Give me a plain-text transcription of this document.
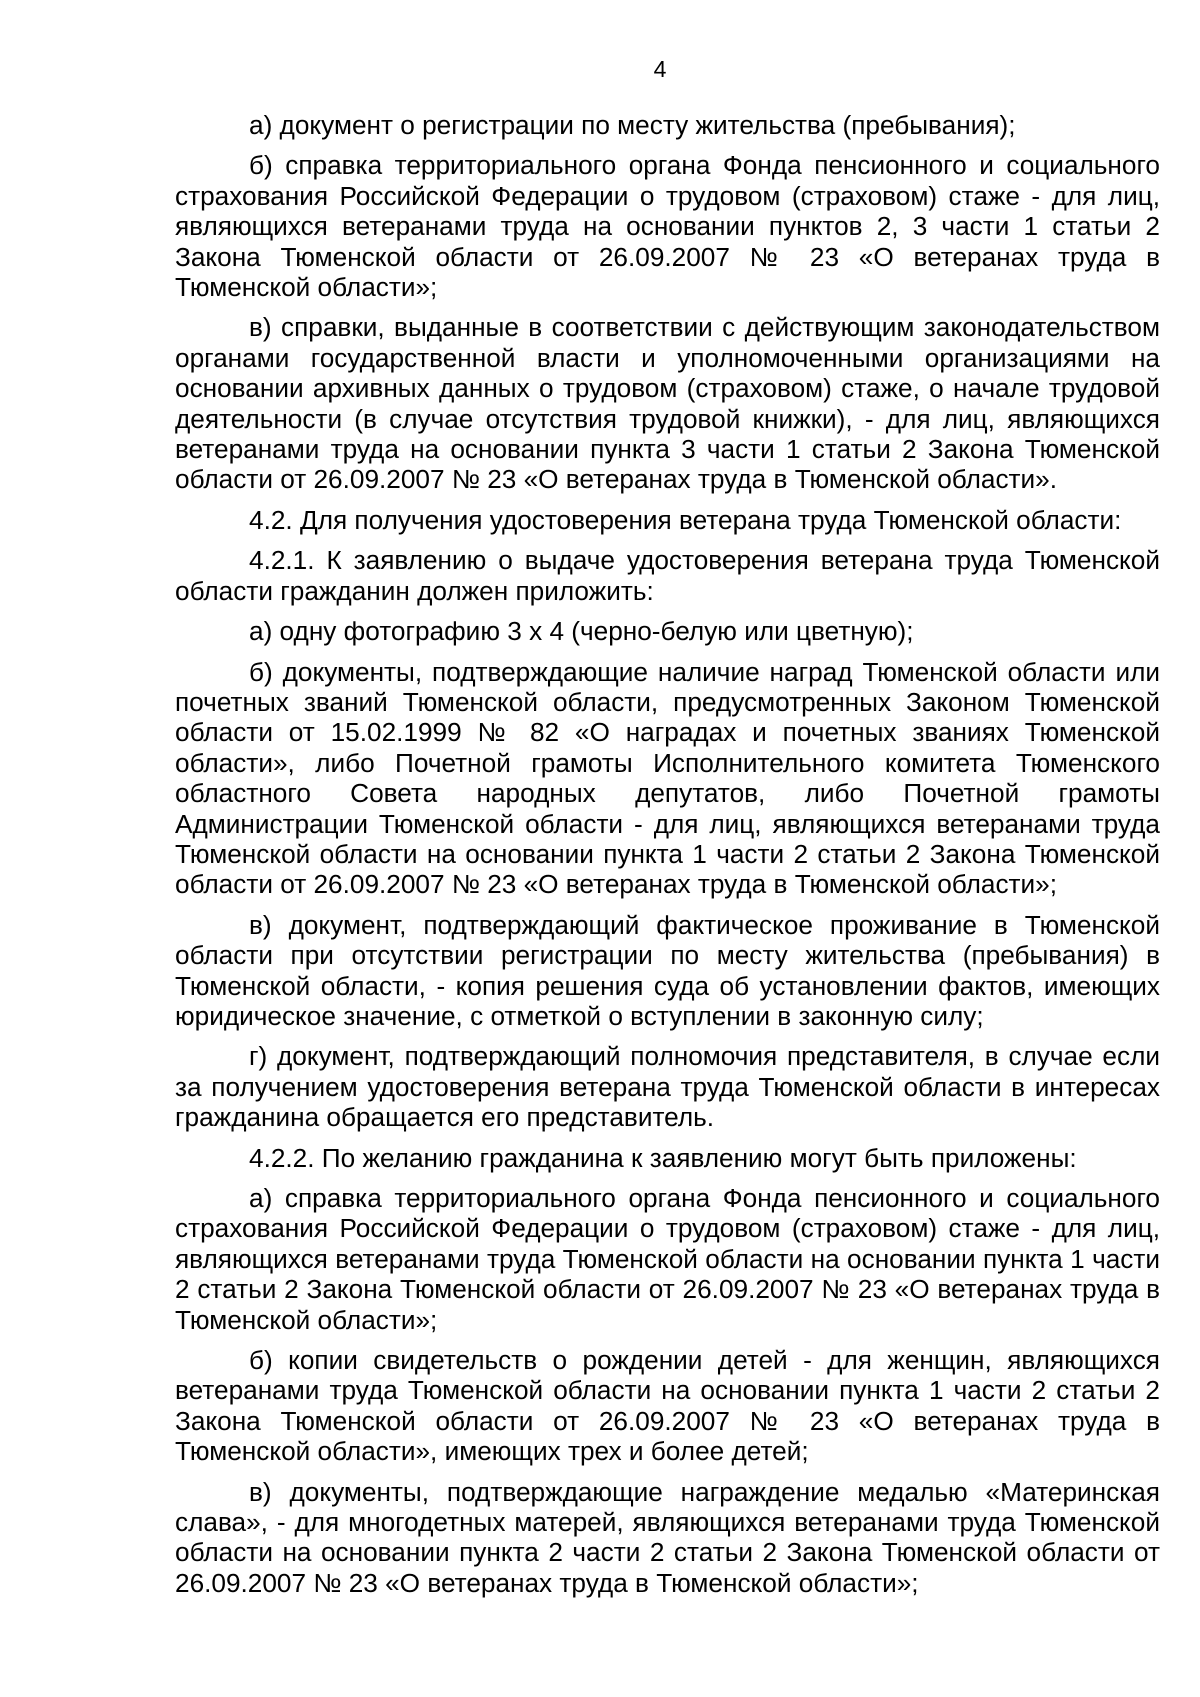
4

а) документ о регистрации по месту жительства (пребывания);

б) справка территориального органа Фонда пенсионного и социального страхования Российской Федерации о трудовом (страховом) стаже - для лиц, являющихся ветеранами труда на основании пунктов 2, 3 части 1 статьи 2 Закона Тюменской области от 26.09.2007 № 23 «О ветеранах труда в Тюменской области»;

в) справки, выданные в соответствии с действующим законодательством органами государственной власти и уполномоченными организациями на основании архивных данных о трудовом (страховом) стаже, о начале трудовой деятельности (в случае отсутствия трудовой книжки), - для лиц, являющихся ветеранами труда на основании пункта 3 части 1 статьи 2 Закона Тюменской области от 26.09.2007 № 23 «О ветеранах труда в Тюменской области».

4.2. Для получения удостоверения ветерана труда Тюменской области:

4.2.1. К заявлению о выдаче удостоверения ветерана труда Тюменской области гражданин должен приложить:

а) одну фотографию 3 х 4 (черно-белую или цветную);

б) документы, подтверждающие наличие наград Тюменской области или почетных званий Тюменской области, предусмотренных Законом Тюменской области от 15.02.1999 № 82 «О наградах и почетных званиях Тюменской области», либо Почетной грамоты Исполнительного комитета Тюменского областного Совета народных депутатов, либо Почетной грамоты Администрации Тюменской области - для лиц, являющихся ветеранами труда Тюменской области на основании пункта 1 части 2 статьи 2 Закона Тюменской области от 26.09.2007 № 23 «О ветеранах труда в Тюменской области»;

в) документ, подтверждающий фактическое проживание в Тюменской области при отсутствии регистрации по месту жительства (пребывания) в Тюменской области, - копия решения суда об установлении фактов, имеющих юридическое значение, с отметкой о вступлении в законную силу;

г) документ, подтверждающий полномочия представителя, в случае если за получением удостоверения ветерана труда Тюменской области в интересах гражданина обращается его представитель.

4.2.2. По желанию гражданина к заявлению могут быть приложены:

а) справка территориального органа Фонда пенсионного и социального страхования Российской Федерации о трудовом (страховом) стаже - для лиц, являющихся ветеранами труда Тюменской области на основании пункта 1 части 2 статьи 2 Закона Тюменской области от 26.09.2007 № 23 «О ветеранах труда в Тюменской области»;

б) копии свидетельств о рождении детей - для женщин, являющихся ветеранами труда Тюменской области на основании пункта 1 части 2 статьи 2 Закона Тюменской области от 26.09.2007 № 23 «О ветеранах труда в Тюменской области», имеющих трех и более детей;

в) документы, подтверждающие награждение медалью «Материнская слава», - для многодетных матерей, являющихся ветеранами труда Тюменской области на основании пункта 2 части 2 статьи 2 Закона Тюменской области от 26.09.2007 № 23 «О ветеранах труда в Тюменской области»;
